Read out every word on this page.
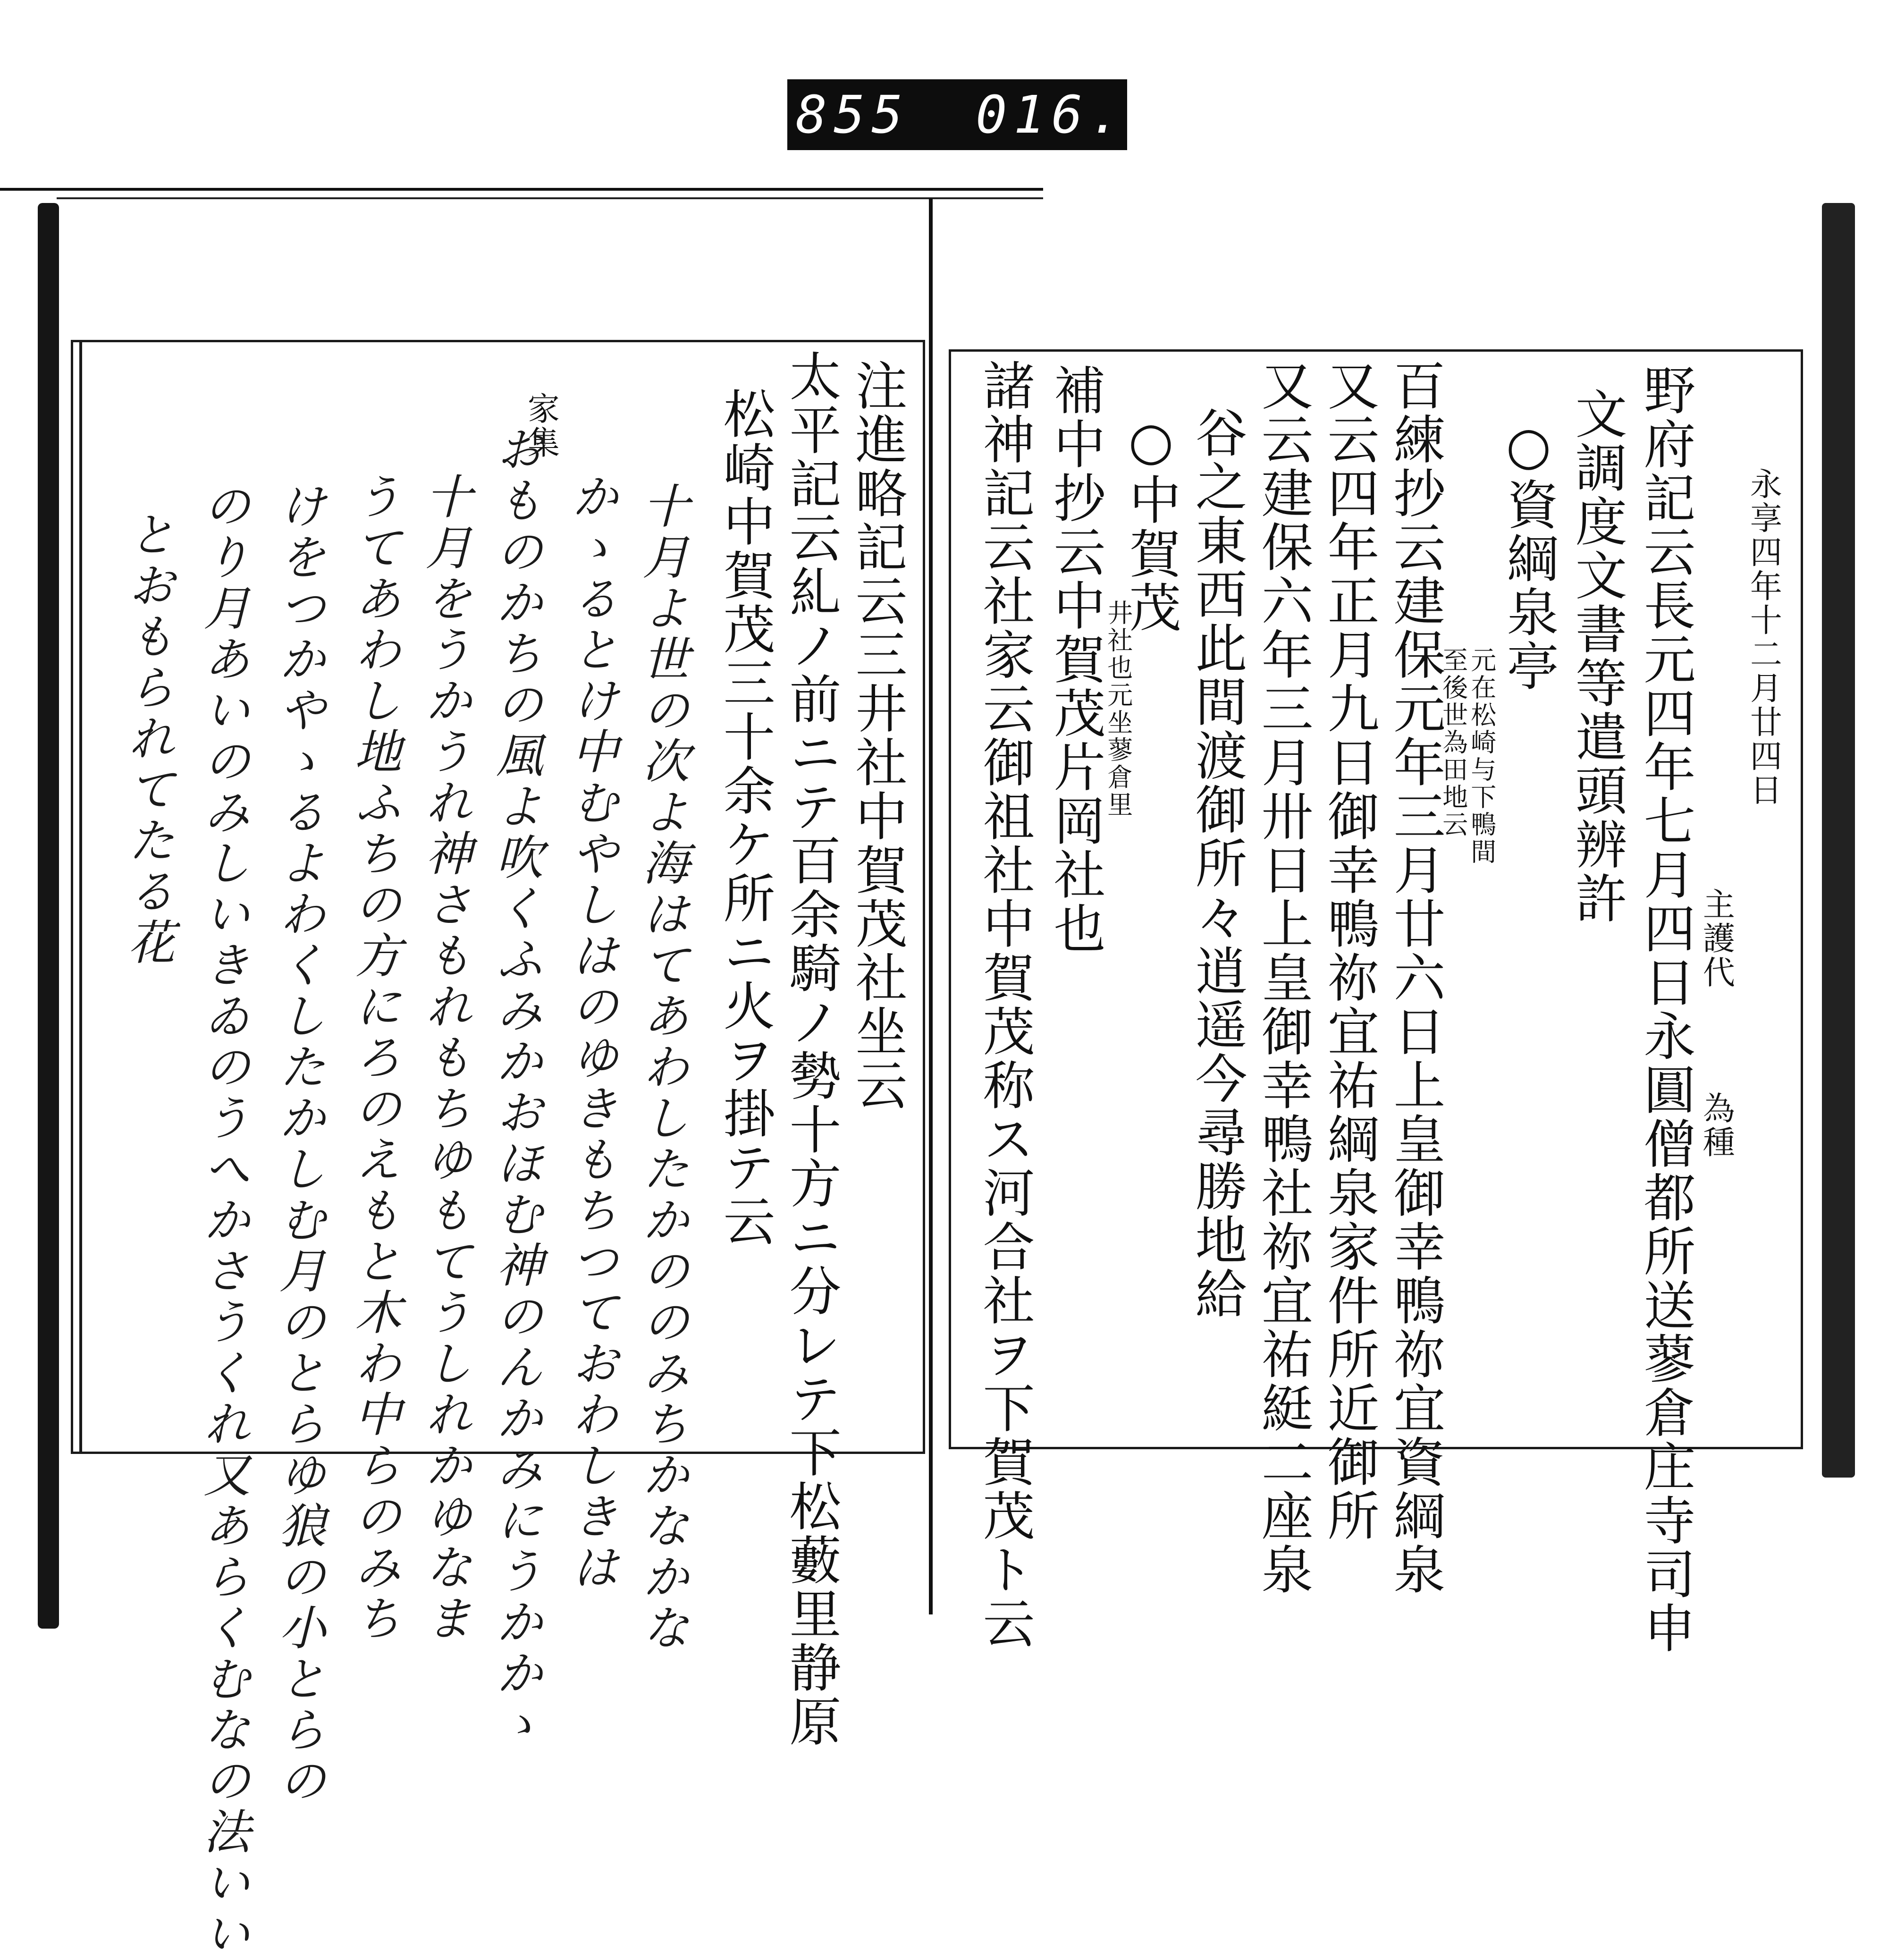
855 016.
永享四年十二月廿四日
主護代　　　為種
野府記云長元四年七月四日永圓僧都所送蓼倉庄寺司申
文調度文書等遣頭辨許
○資綱泉亭
元在松崎与下鴨間
至後世為田地云
百練抄云建保元年三月廿六日上皇御幸鴨祢宜資綱泉
又云四年正月九日御幸鴨祢宜祐綱泉家件所近御所
又云建保六年三月卅日上皇御幸鴨社祢宜祐綎二座泉
谷之東西此間渡御所々逍遥今尋勝地給
○中賀茂
井社也元坐蓼倉里
補中抄云中賀茂片岡社也
諸神記云社家云御祖社中賀茂称ス河合社ヲ下賀茂ト云
注進略記云三井社中賀茂社坐云
太平記云糺ノ前ニテ百余騎ノ勢十方ニ分レテ下松藪里静原
松崎中賀茂三十余ケ所ニ火ヲ掛テ云
十月よ世の次よ海はてあわしたかののみちかなかな
かゝるとけ中むやしはのゆきもちつておわしきは
家集
おものかちの風よ吹くふみかおほむ神のんかみにうかかゝ
十月をうかうれ神さもれもちゆもてうしれかゆなま
うてあわし地ふちの方にろのえもと木わ中らのみち
けをつかやゝるよわくしたかしむ月のとらゆ狼の小とらの
のり月あいのみしいきゐのうへかさうくれ又あらくむなの法いい
とおもられてたる花
